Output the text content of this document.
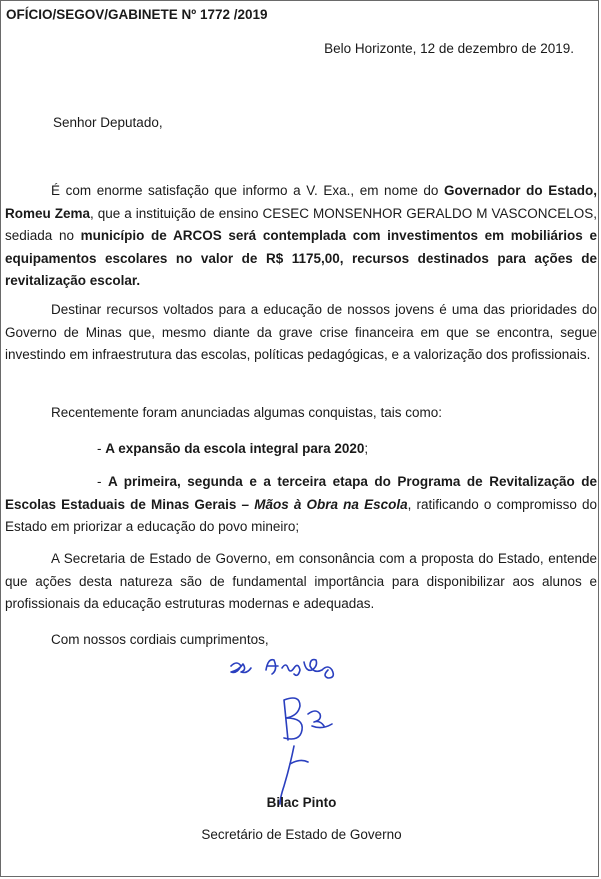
OFÍCIO/SEGOV/GABINETE Nº 1772 /2019
Belo Horizonte, 12 de dezembro de 2019.
Senhor Deputado,

É com enorme satisfação que informo a V. Exa., em nome do Governador do Estado, Romeu Zema, que a instituição de ensino CESEC MONSENHOR GERALDO M VASCONCELOS, sediada no município de ARCOS será contemplada com investimentos em mobiliários e equipamentos escolares no valor de R$ 1175,00, recursos destinados para ações de revitalização escolar.

Destinar recursos voltados para a educação de nossos jovens é uma das prioridades do Governo de Minas que, mesmo diante da grave crise financeira em que se encontra, segue investindo em infraestrutura das escolas, políticas pedagógicas, e a valorização dos profissionais.

Recentemente foram anunciadas algumas conquistas, tais como:

- A expansão da escola integral para 2020;

- A primeira, segunda e a terceira etapa do Programa de Revitalização de Escolas Estaduais de Minas Gerais – Mãos à Obra na Escola, ratificando o compromisso do Estado em priorizar a educação do povo mineiro;

A Secretaria de Estado de Governo, em consonância com a proposta do Estado, entende que ações desta natureza são de fundamental importância para disponibilizar aos alunos e profissionais da educação estruturas modernas e adequadas.

Com nossos cordiais cumprimentos,

Bilac Pinto
Secretário de Estado de Governo
